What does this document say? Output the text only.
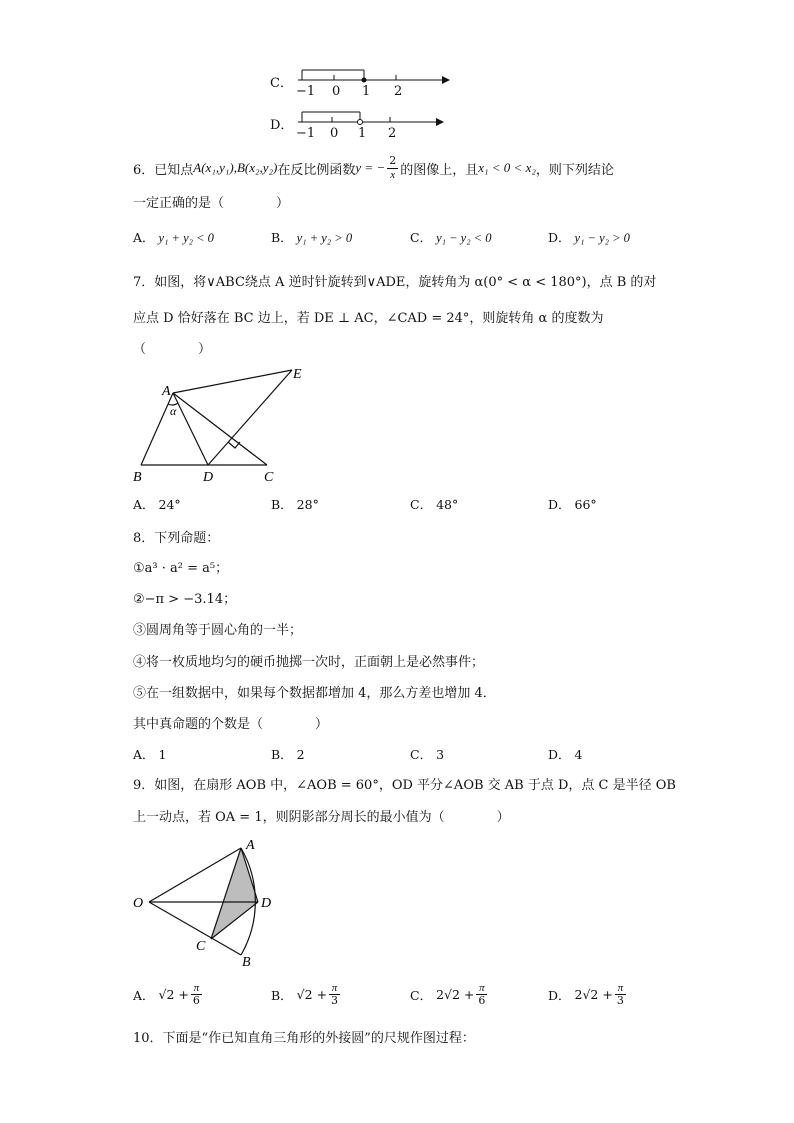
C．
−1 0 1 2
D．
−1 0 1 2
6．已知点 A(x₁,y₁),B(x₂,y₂) 在反比例函数 y = − $\frac{2}{x}$ 的图像上，且 x₁ < 0 < x₂ ，则下列结论
一定正确的是（　　　　）
A． y₁ + y₂ < 0	B． y₁ + y₂ > 0	C． y₁ − y₂ < 0	D． y₁ − y₂ > 0
7．如图，将∨ABC绕点 A 逆时针旋转到∨ADE，旋转角为 α(0° < α < 180°)，点 B 的对
应点 D 恰好落在 BC 边上，若 DE ⊥ AC，∠CAD = 24°，则旋转角 α 的度数为
（　　　　）
A
B	C
D
E
α
A． 24°	B． 28°	C． 48°	D． 66°
8．下列命题：
①a³ · a² = a⁵；
②−π > −3.14；
③圆周角等于圆心角的一半；
④将一枚质地均匀的硬币抛掷一次时，正面朝上是必然事件；
⑤在一组数据中，如果每个数据都增加 4，那么方差也增加 4．
其中真命题的个数是（　　　　）
A． 1	B． 2	C． 3	D． 4
9．如图，在扇形 AOB 中，∠AOB = 60°，OD 平分∠AOB 交 AB 于点 D，点 C 是半径 OB
上一动点，若 OA = 1，则阴影部分周长的最小值为（　　　　）
A
B
C
D
O
A．
$√2 + \frac{\pi}{6}$	B．
$√2 + \frac{\pi}{3}$	C．
$2√2 + \frac{\pi}{6}$	D．
$2√2 + \frac{\pi}{3}$
10．下面是“作已知直角三角形的外接圆”的尺规作图过程：
